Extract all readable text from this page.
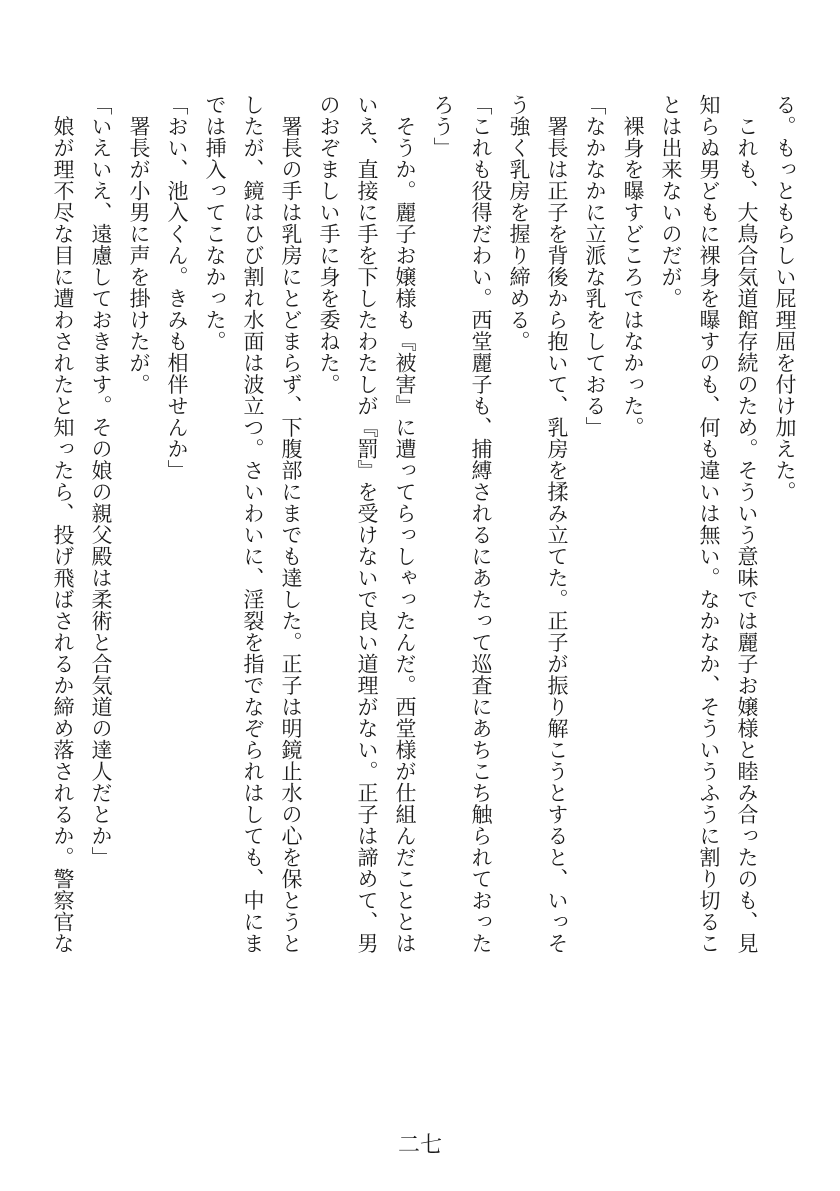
る。もっともらしい屁理屈を付け加えた。
　これも、大鳥合気道館存続のため。そういう意味では麗子お嬢様と睦み合ったのも、見
知らぬ男どもに裸身を曝すのも、何も違いは無い。なかなか、そういうふうに割り切るこ
とは出来ないのだが。
　裸身を曝すどころではなかった。
「なかなかに立派な乳をしておる」
　署長は正子を背後から抱いて、乳房を揉み立てた。正子が振り解こうとすると、いっそ
う強く乳房を握り締める。
「これも役得だわい。西堂麗子も、捕縛されるにあたって巡査にあちこち触られておった
ろう」
　そうか。麗子お嬢様も『被害』に遭ってらっしゃったんだ。西堂様が仕組んだこととは
いえ、直接に手を下したわたしが『罰』を受けないで良い道理がない。正子は諦めて、男
のおぞましい手に身を委ねた。
　署長の手は乳房にとどまらず、下腹部にまでも達した。正子は明鏡止水の心を保とうと
したが、鏡はひび割れ水面は波立つ。さいわいに、淫裂を指でなぞられはしても、中にま
では挿入ってこなかった。
「おい、池入くん。きみも相伴せんか」
　署長が小男に声を掛けたが。
「いえいえ、遠慮しておきます。その娘の親父殿は柔術と合気道の達人だとか」
　娘が理不尽な目に遭わされたと知ったら、投げ飛ばされるか締め落されるか。警察官な
二七
